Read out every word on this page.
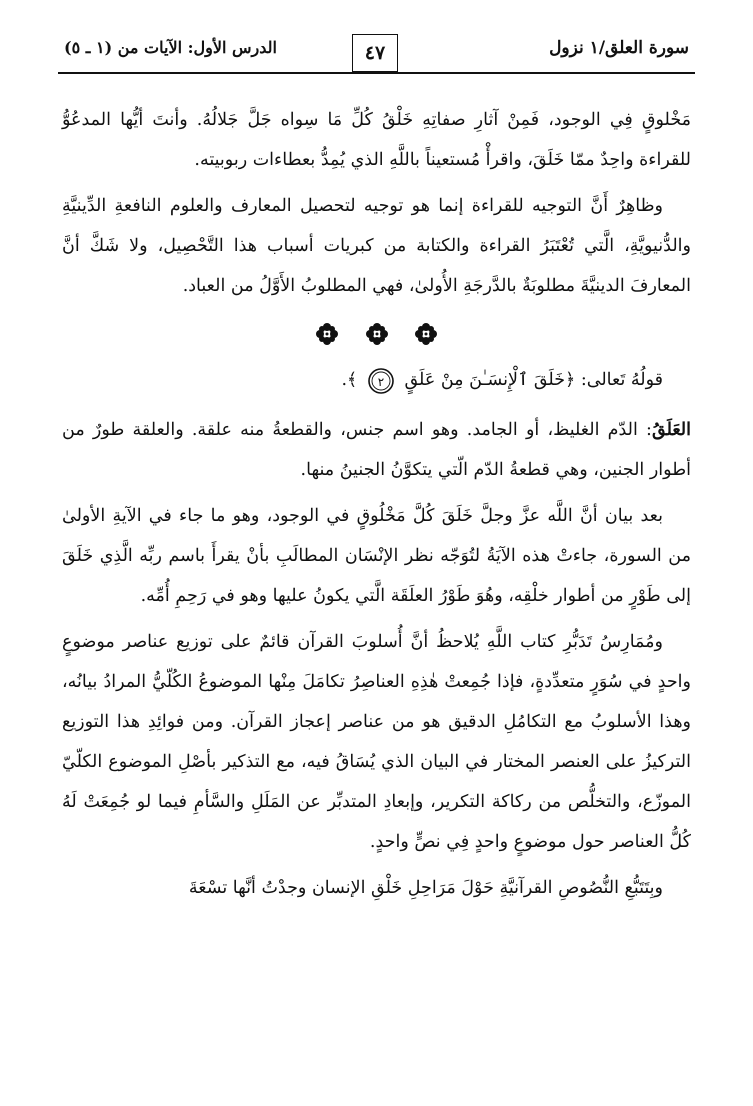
سورة العلق/١ نزول
٤٧
الدرس الأول: الآيات من (١ ـ ٥)

مَخْلوقٍ فِي الوجود، فَمِنْ آثارِ صفاتِهِ خَلْقُ كُلِّ مَا سِواه جَلَّ جَلالُهُ. وأنتَ أيُّها المدعُوُّ للقراءة واحِدٌ ممّا خَلَقَ، واقرأْ مُستعيناً باللَّهِ الذي يُمِدُّ بعطاءات ربوبيته.

وظاهِرٌ أَنَّ التوجيه للقراءة إنما هو توجيه لتحصيل المعارف والعلوم النافعةِ الدِّينيَّةِ والدُّنيويَّةِ، الَّتي تُعْتَبَرُ القراءة والكتابة من كبريات أسباب هذا التَّحْصِيل، ولا شَكَّ أنَّ المعارفَ الدينيَّةَ مطلوبَةٌ بالدَّرجَةِ الأُولىٰ، فهي المطلوبُ الأَوَّلُ من العباد.

قولُهُ تَعالى: ﴿خَلَقَ ٱلْإِنسَـٰنَ مِنْ عَلَقٍ
٢
﴾.

العَلَقُ: الدّم الغليظ، أو الجامد. وهو اسم جنس، والقطعةُ منه علقة. والعلقة طورٌ من أطوار الجنين، وهي قطعةُ الدّم الّتي يتكوَّنُ الجنينُ منها.

بعد بيان أنَّ اللَّه عزَّ وجلَّ خَلَقَ كُلَّ مَخْلُوقٍ في الوجود، وهو ما جاء في الآيةِ الأولىٰ من السورة، جاءتْ هذه الآيَةُ لتُوَجّه نظر الإنْسَان المطالَبِ بأنْ يقرأَ باسم ربِّه الَّذِي خَلَقَ إلى طَوْرٍ من أطوار خلْقِه، وهُوَ طَوْرُ العلَقَة الَّتي يكونُ عليها وهو في رَحِمِ أُمِّه.

ومُمَارِسُ تَدَبُّرِ كتاب اللَّهِ يُلاحظُ أنَّ أُسلوبَ القرآن قائمٌ على توزيع عناصر موضوعٍ واحدٍ في سُوَرٍ متعدِّدةٍ، فإذا جُمِعتْ هٰذِهِ العناصِرُ تكامَلَ مِنْها الموضوعُ الكُلّيُّ المرادُ بيانُه، وهذا الأسلوبُ مع التكامُلِ الدقيق هو من عناصر إعجاز القرآن. ومن فوائِدِ هذا التوزيع التركيزُ على العنصر المختار في البيان الذي يُسَاقُ فيه، مع التذكير بأصْلِ الموضوع الكلّيّ الموزّع، والتخلُّص من ركاكة التكرير، وإبعادِ المتدبِّر عن المَلَلِ والسَّأمِ فيما لو جُمِعَتْ لَهُ كُلُّ العناصر حول موضوعٍ واحدٍ فِي نصٍّ واحدٍ.

وبِتَتَبُّعِ النُّصُوصِ القرآنيَّةِ حَوْلَ مَرَاحِلِ خَلْقِ الإنسان وجدْتُ أنَّها تسْعَةَ
